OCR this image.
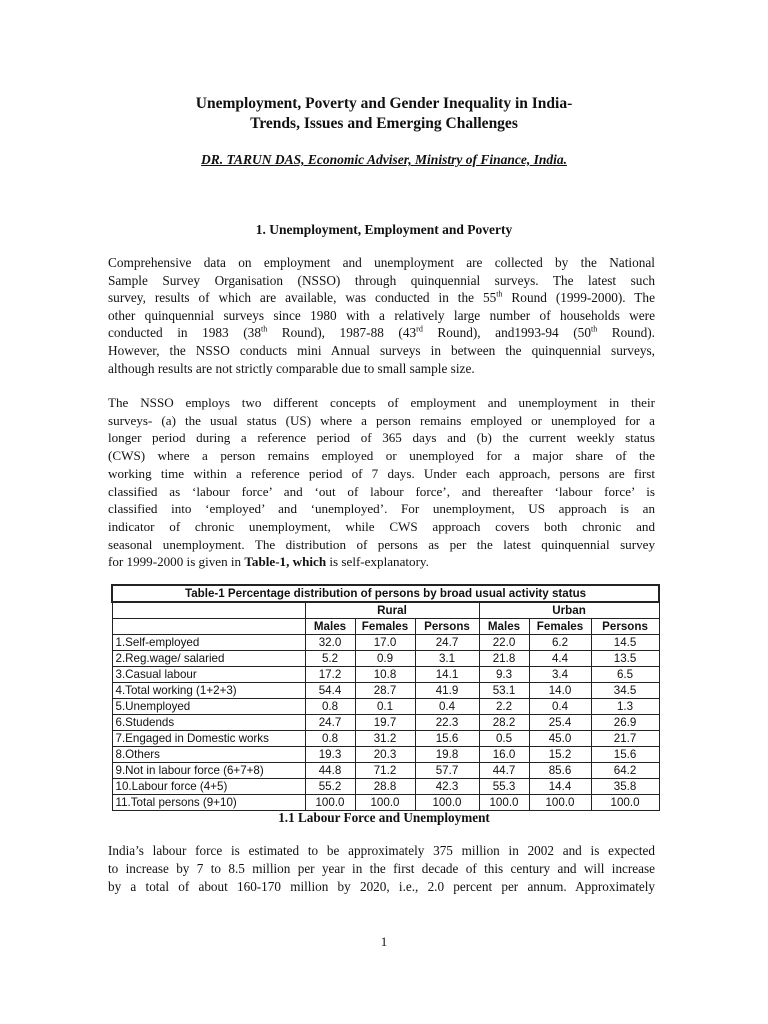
Unemployment, Poverty and Gender Inequality in India-
Trends, Issues and Emerging Challenges
DR. TARUN DAS, Economic Adviser, Ministry of Finance, India.
1. Unemployment, Employment and Poverty
Comprehensive data on employment and unemployment are collected by the National
Sample Survey Organisation (NSSO) through quinquennial surveys. The latest such
survey, results of which are available, was conducted in the 55th Round (1999-2000). The
other quinquennial surveys since 1980 with a relatively large number of households were
conducted in 1983 (38th Round), 1987-88 (43rd Round), and1993-94 (50th Round).
However, the NSSO conducts mini Annual surveys in between the quinquennial surveys,
although results are not strictly comparable due to small sample size.
The NSSO employs two different concepts of employment and unemployment in their
surveys- (a) the usual status (US) where a person remains employed or unemployed for a
longer period during a reference period of 365 days and (b) the current weekly status
(CWS) where a person remains employed or unemployed for a major share of the
working time within a reference period of 7 days. Under each approach, persons are first
classified as ‘labour force’ and ‘out of labour force’, and thereafter ‘labour force’ is
classified into ‘employed’ and ‘unemployed’. For unemployment, US approach is an
indicator of chronic unemployment, while CWS approach covers both chronic and
seasonal unemployment. The distribution of persons as per the latest quinquennial survey
for 1999-2000 is given in Table-1, which is self-explanatory.
Table-1 Percentage distribution of persons by broad usual activity status						
	Rural			Urban		
	Males	Females	Persons	Males	Females	Persons
1.Self-employed	32.0	17.0	24.7	22.0	6.2	14.5
2.Reg.wage/ salaried	5.2	0.9	3.1	21.8	4.4	13.5
3.Casual labour	17.2	10.8	14.1	9.3	3.4	6.5
4.Total working (1+2+3)	54.4	28.7	41.9	53.1	14.0	34.5
5.Unemployed	0.8	0.1	0.4	2.2	0.4	1.3
6.Studends	24.7	19.7	22.3	28.2	25.4	26.9
7.Engaged in Domestic works	0.8	31.2	15.6	0.5	45.0	21.7
8.Others	19.3	20.3	19.8	16.0	15.2	15.6
9.Not in labour force (6+7+8)	44.8	71.2	57.7	44.7	85.6	64.2
10.Labour force (4+5)	55.2	28.8	42.3	55.3	14.4	35.8
11.Total persons (9+10)	100.0	100.0	100.0	100.0	100.0	100.0
1.1 Labour Force and Unemployment
India’s labour force is estimated to be approximately 375 million in 2002 and is expected
to increase by 7 to 8.5 million per year in the first decade of this century and will increase
by a total of about 160-170 million by 2020, i.e., 2.0 percent per annum. Approximately
1
